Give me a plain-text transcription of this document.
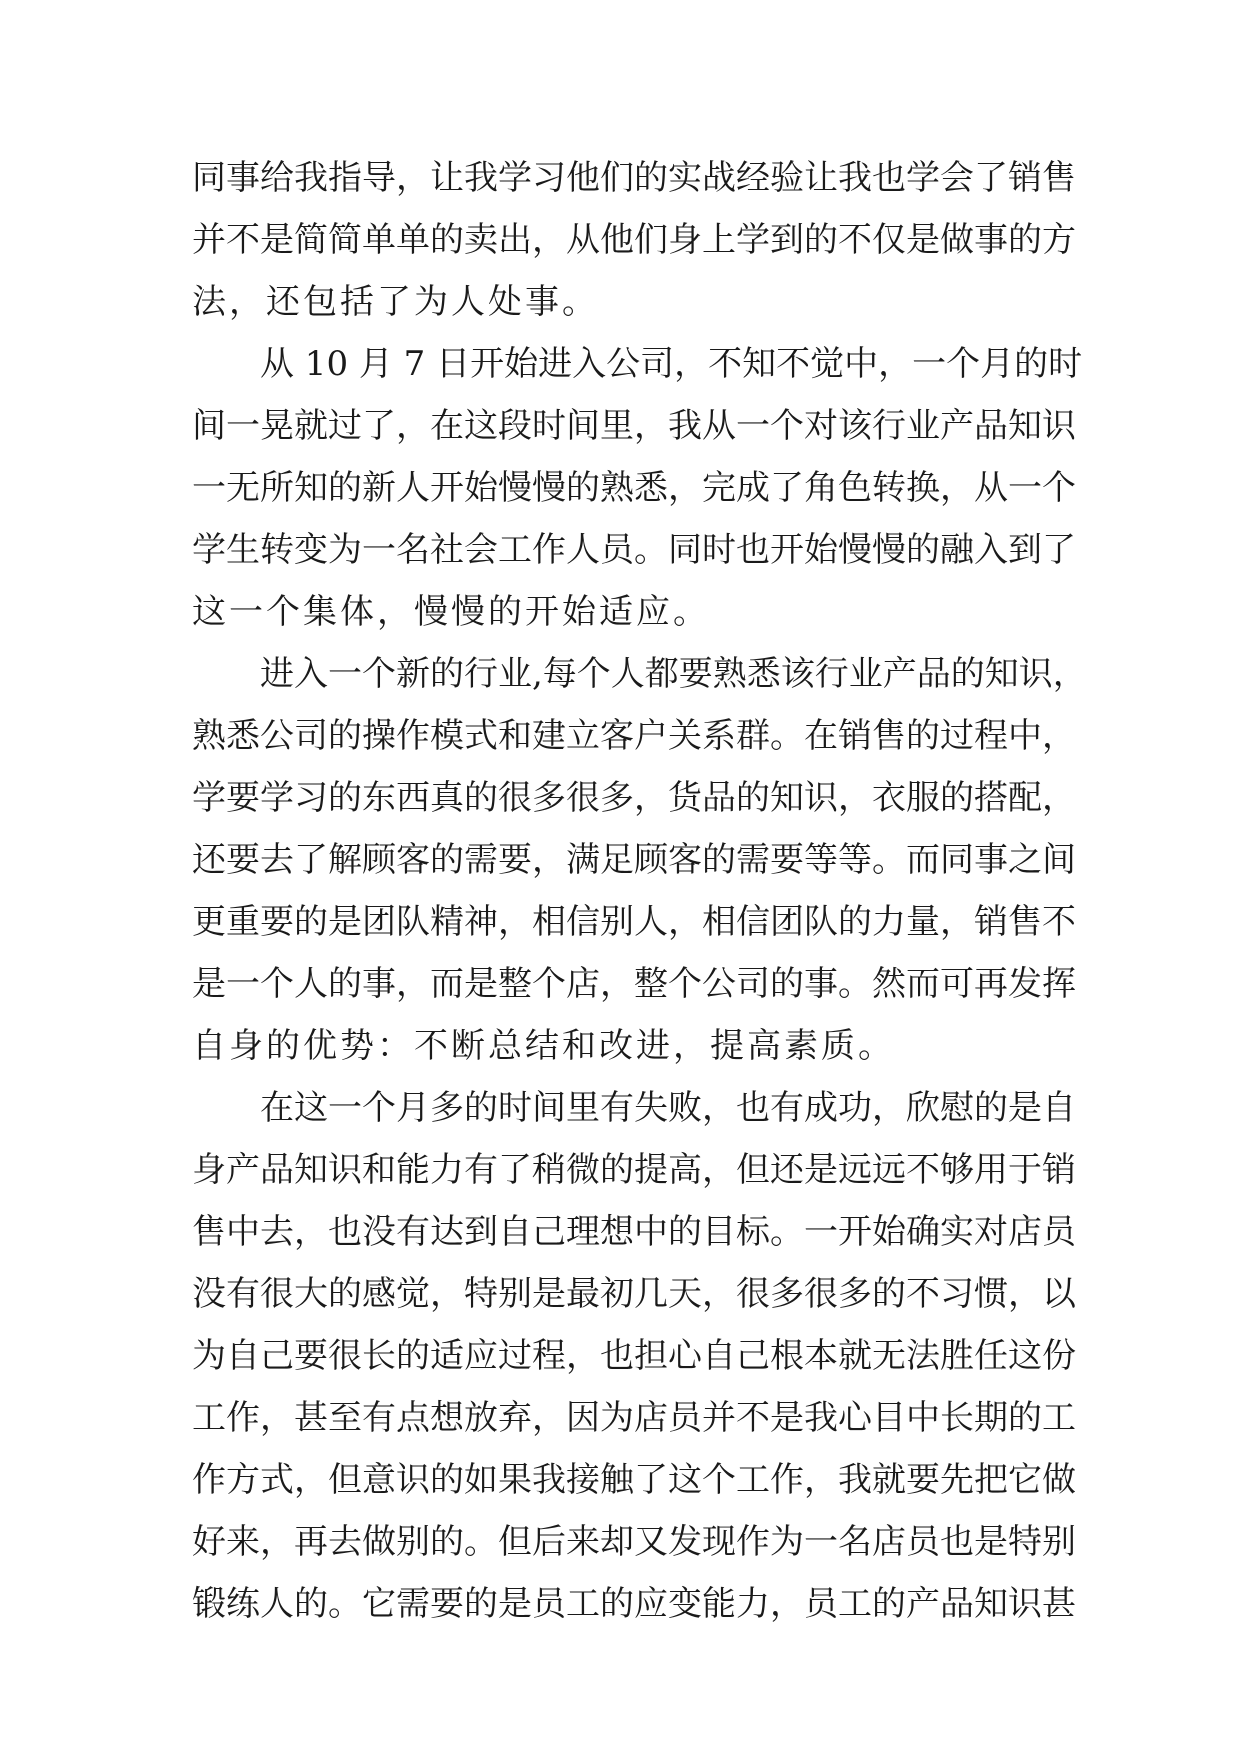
同事给我指导，让我学习他们的实战经验让我也学会了销售
并不是简简单单的卖出，从他们身上学到的不仅是做事的方
法，还包括了为人处事。
从 10 月 7 日开始进入公司，不知不觉中，一个月的时
间一晃就过了，在这段时间里，我从一个对该行业产品知识
一无所知的新人开始慢慢的熟悉，完成了角色转换，从一个
学生转变为一名社会工作人员。同时也开始慢慢的融入到了
这一个集体，慢慢的开始适应。
进入一个新的行业,每个人都要熟悉该行业产品的知识，
熟悉公司的操作模式和建立客户关系群。在销售的过程中，
学要学习的东西真的很多很多，货品的知识，衣服的搭配，
还要去了解顾客的需要，满足顾客的需要等等。而同事之间
更重要的是团队精神，相信别人，相信团队的力量，销售不
是一个人的事，而是整个店，整个公司的事。然而可再发挥
自身的优势：不断总结和改进，提高素质。
在这一个月多的时间里有失败，也有成功，欣慰的是自
身产品知识和能力有了稍微的提高，但还是远远不够用于销
售中去，也没有达到自己理想中的目标。一开始确实对店员
没有很大的感觉，特别是最初几天，很多很多的不习惯，以
为自己要很长的适应过程，也担心自己根本就无法胜任这份
工作，甚至有点想放弃，因为店员并不是我心目中长期的工
作方式，但意识的如果我接触了这个工作，我就要先把它做
好来，再去做别的。但后来却又发现作为一名店员也是特别
锻练人的。它需要的是员工的应变能力，员工的产品知识甚
